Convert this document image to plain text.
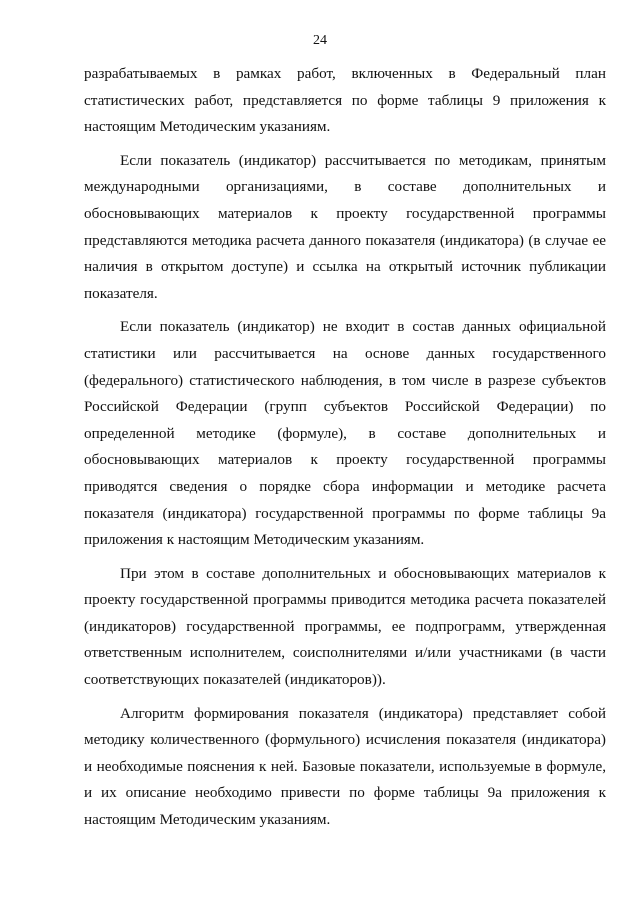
24

разрабатываемых в рамках работ, включенных в Федеральный план статистических работ, представляется по форме таблицы 9 приложения к настоящим Методическим указаниям.

Если показатель (индикатор) рассчитывается по методикам, принятым международными организациями, в составе дополнительных и обосновывающих материалов к проекту государственной программы представляются методика расчета данного показателя (индикатора) (в случае ее наличия в открытом доступе) и ссылка на открытый источник публикации показателя.

Если показатель (индикатор) не входит в состав данных официальной статистики или рассчитывается на основе данных государственного (федерального) статистического наблюдения, в том числе в разрезе субъектов Российской Федерации (групп субъектов Российской Федерации) по определенной методике (формуле), в составе дополнительных и обосновывающих материалов к проекту государственной программы приводятся сведения о порядке сбора информации и методике расчета показателя (индикатора) государственной программы по форме таблицы 9а приложения к настоящим Методическим указаниям.

При этом в составе дополнительных и обосновывающих материалов к проекту государственной программы приводится методика расчета показателей (индикаторов) государственной программы, ее подпрограмм, утвержденная ответственным исполнителем, соисполнителями и/или участниками (в части соответствующих показателей (индикаторов)).

Алгоритм формирования показателя (индикатора) представляет собой методику количественного (формульного) исчисления показателя (индикатора) и необходимые пояснения к ней. Базовые показатели, используемые в формуле, и их описание необходимо привести по форме таблицы 9а приложения к настоящим Методическим указаниям.
